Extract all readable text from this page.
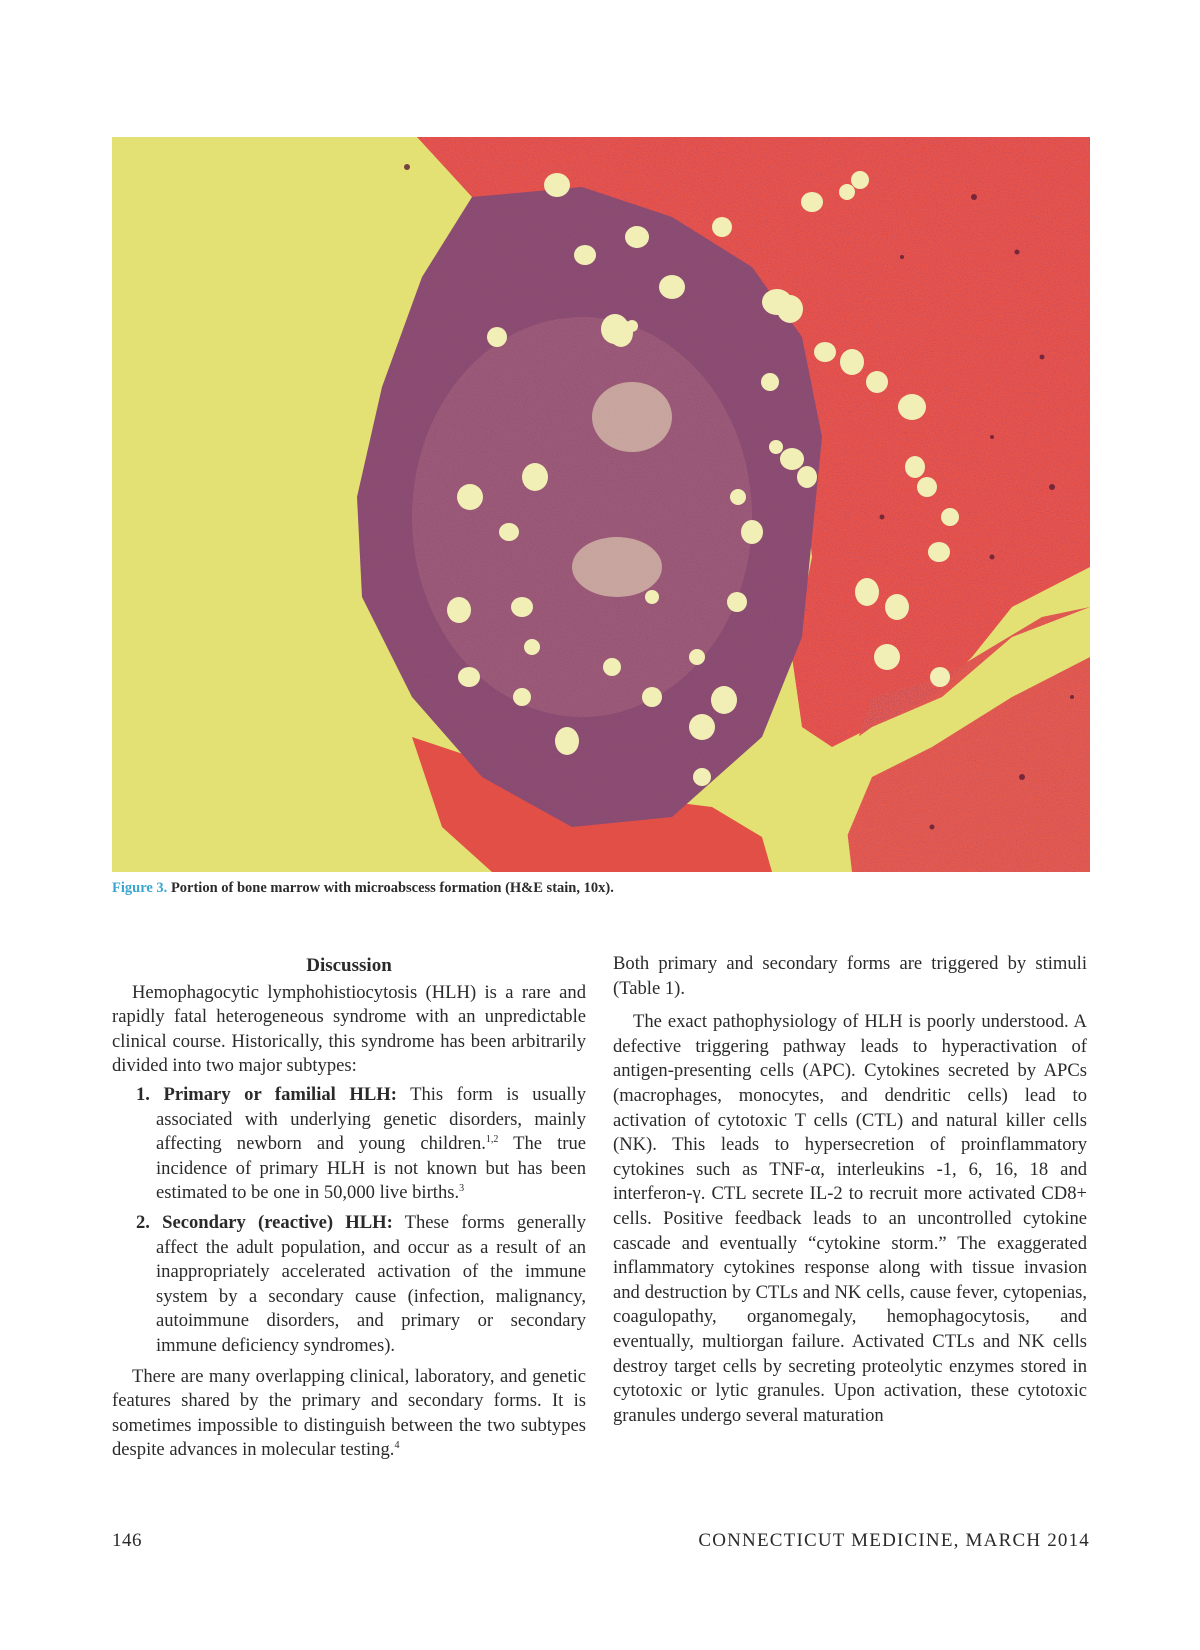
Figure 3. Portion of bone marrow with microabscess formation (H&E stain, 10x).
Discussion

Hemophagocytic lymphohistiocytosis (HLH) is a rare and rapidly fatal heterogeneous syndrome with an unpredictable clinical course. Historically, this syndrome has been arbitrarily divided into two major subtypes:

1. Primary or familial HLH: This form is usually associated with underlying genetic disorders, mainly affecting newborn and young children.$^{1,2}$ The true incidence of primary HLH is not known but has been estimated to be one in 50,000 live births.$^3$
2. Secondary (reactive) HLH: These forms generally affect the adult population, and occur as a result of an inappropriately accelerated activation of the immune system by a secondary cause (infection, malignancy, autoimmune disorders, and primary or secondary immune deficiency syndromes).

There are many overlapping clinical, laboratory, and genetic features shared by the primary and secondary forms. It is sometimes impossible to distinguish between the two subtypes despite advances in molecular testing.$^4$

Both primary and secondary forms are triggered by stimuli (Table 1).

The exact pathophysiology of HLH is poorly understood. A defective triggering pathway leads to hyperactivation of antigen-presenting cells (APC). Cytokines secreted by APCs (macrophages, monocytes, and dendritic cells) lead to activation of cytotoxic T cells (CTL) and natural killer cells (NK). This leads to hypersecretion of proinflammatory cytokines such as TNF-α, interleukins -1, 6, 16, 18 and interferon-γ. CTL secrete IL-2 to recruit more activated CD8+ cells. Positive feedback leads to an uncontrolled cytokine cascade and eventually “cytokine storm.” The exaggerated inflammatory cytokines response along with tissue invasion and destruction by CTLs and NK cells, cause fever, cytopenias, coagulopathy, organomegaly, hemophagocytosis, and eventually, multiorgan failure. Activated CTLs and NK cells destroy target cells by secreting proteolytic enzymes stored in cytotoxic or lytic granules. Upon activation, these cytotoxic granules undergo several maturation

146	CONNECTICUT MEDICINE, MARCH 2014
